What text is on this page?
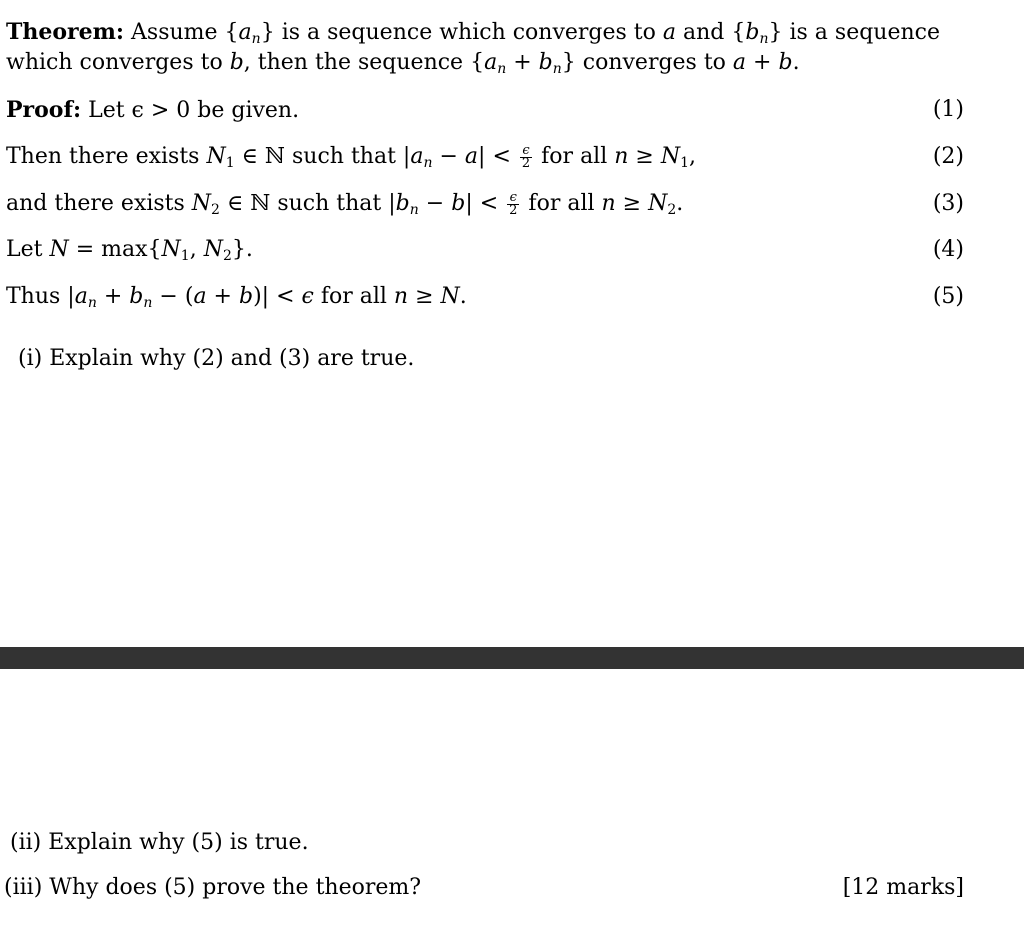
Theorem: Assume $\{a_n\}$ is a sequence which converges to a and $\{b_n\}$ is a sequence
which converges to b, then the sequence $\{a_n + b_n\}$ converges to a + b.
Proof: Let ϵ > 0 be given.	(1)
Then there exists $N_1$ ∈ ℕ such that $|a_n - a| < \frac{\epsilon}{2}$ for all $n \ge N_1$,	(2)
and there exists $N_2$ ∈ ℕ such that $|b_n - b| < \frac{\epsilon}{2}$ for all $n \ge N_2$.	(3)
Let $N = \max\{N_1$, $N_2$}.	(4)
Thus $|a_n + b_n - (a + b)| < \epsilon$ for all n ≥ N.	(5)
(i) Explain why (2) and (3) are true.
(ii) Explain why (5) is true.
(iii) Why does (5) prove the theorem?	[12 marks]
